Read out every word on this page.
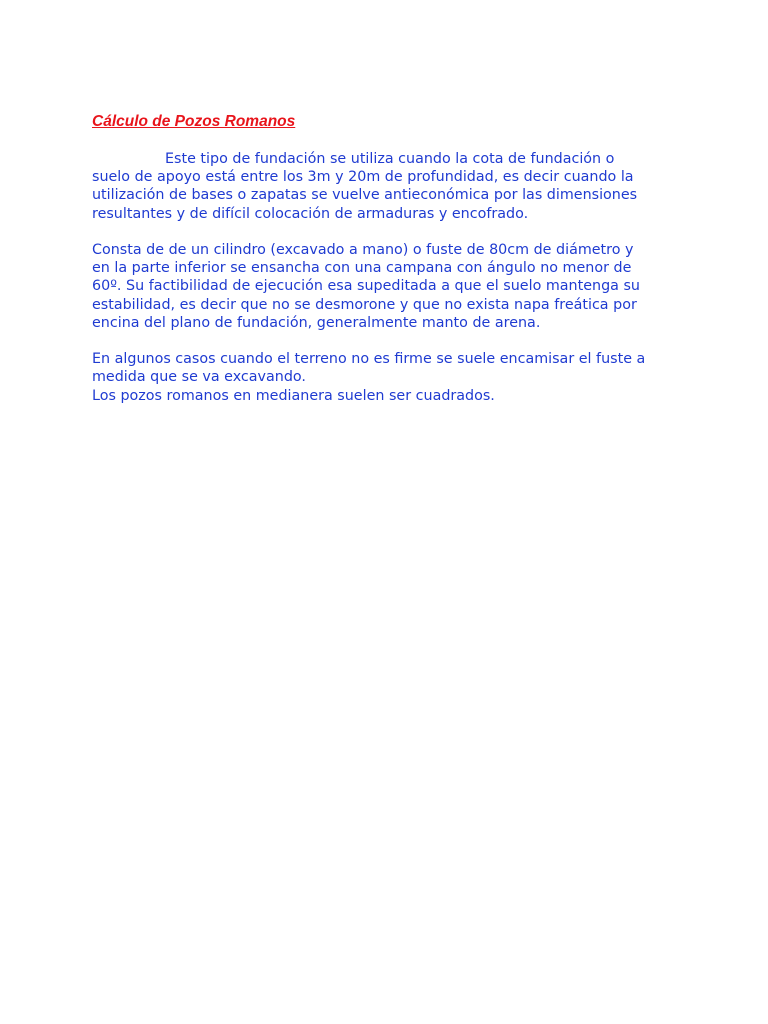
Cálculo de Pozos Romanos
Este tipo de fundación se utiliza cuando la cota de fundación o
suelo de apoyo está entre los 3m y 20m de profundidad, es decir cuando la
utilización de bases o zapatas se vuelve antieconómica por las dimensiones
resultantes y de difícil colocación de armaduras y encofrado.
Consta de de un cilindro (excavado a mano) o fuste de 80cm de diámetro y
en la parte inferior se ensancha con una campana con ángulo no menor de
60º. Su factibilidad de ejecución esa supeditada a que el suelo mantenga su
estabilidad, es decir que no se desmorone y que no exista napa freática por
encina del plano de fundación, generalmente manto de arena.
En algunos casos cuando el terreno no es firme se suele encamisar el fuste a
medida que se va excavando.
Los pozos romanos en medianera suelen ser cuadrados.
